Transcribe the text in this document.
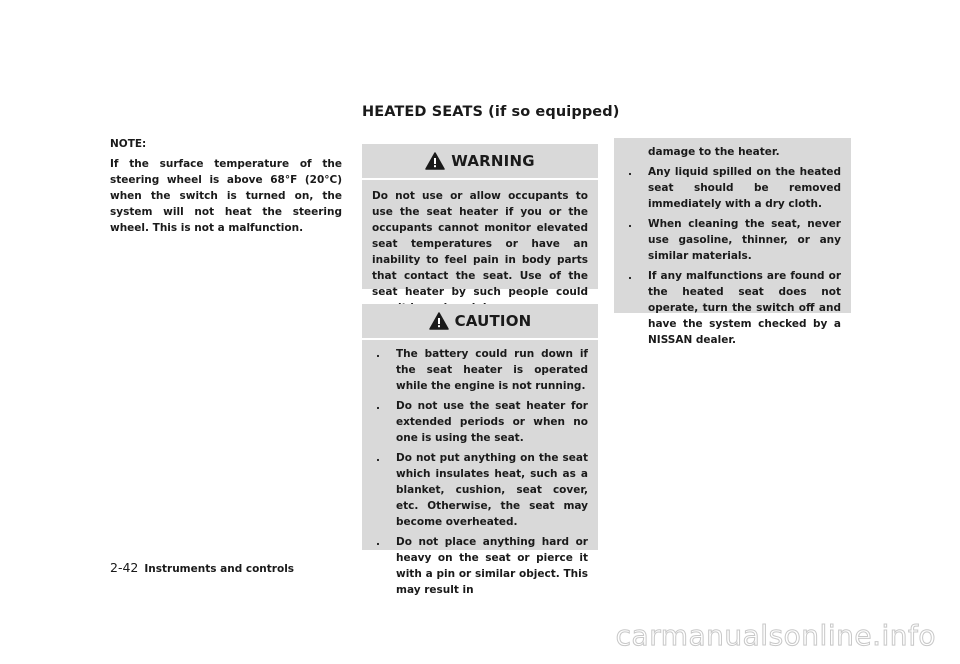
NOTE:
If the surface temperature of the steering wheel is above 68°F (20°C) when the switch is turned on, the system will not heat the steering wheel. This is not a malfunction.
HEATED SEATS (if so equipped)
WARNING
Do not use or allow occupants to use the seat heater if you or the occupants cannot monitor elevated seat temperatures or have an inability to feel pain in body parts that contact the seat. Use of the seat heater by such people could
CAUTION
. The battery could run down if the seat heater is operated while the engine is not running.
. Do not use the seat heater for extended periods or when no one is using the seat.
. Do not put anything on the seat which insulates heat, such as a blanket, cushion, seat cover, etc. Otherwise, the seat may become overheated.
. Do not place anything hard or heavy on the seat or pierce it with a pin or similar object. This may result in
damage to the heater.
. Any liquid spilled on the heated seat should be removed immediately with a dry cloth.
. When cleaning the seat, never use gasoline, thinner, or any similar materials.
. If any malfunctions are found or the heated seat does not operate, turn the switch off and have the system checked by a NISSAN dealer.
2-42 Instruments and controls
carmanualsonline.info
